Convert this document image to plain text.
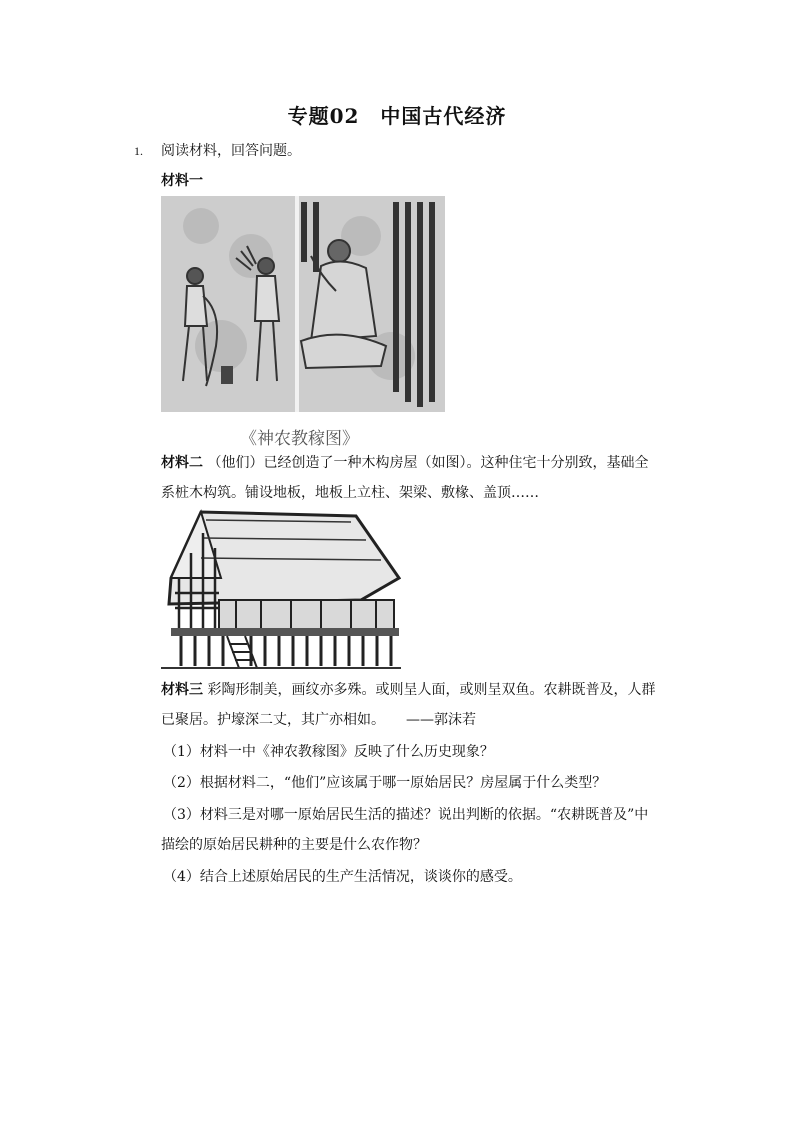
专题02　中国古代经济
1. 阅读材料，回答问题。
材料一
《神农教稼图》
材料二 （他们）已经创造了一种木构房屋（如图）。这种住宅十分别致，基础全
系桩木构筑。铺设地板，地板上立柱、架梁、敷椽、盖顶……
材料三 彩陶形制美，画纹亦多殊。或则呈人面，或则呈双鱼。农耕既普及，人群
已聚居。护壕深二丈，其广亦相如。　　——郭沫若
（1）材料一中《神农教稼图》反映了什么历史现象？
（2）根据材料二，“他们”应该属于哪一原始居民？房屋属于什么类型？
（3）材料三是对哪一原始居民生活的描述？说出判断的依据。“农耕既普及”中
描绘的原始居民耕种的主要是什么农作物？
（4）结合上述原始居民的生产生活情况，谈谈你的感受。
